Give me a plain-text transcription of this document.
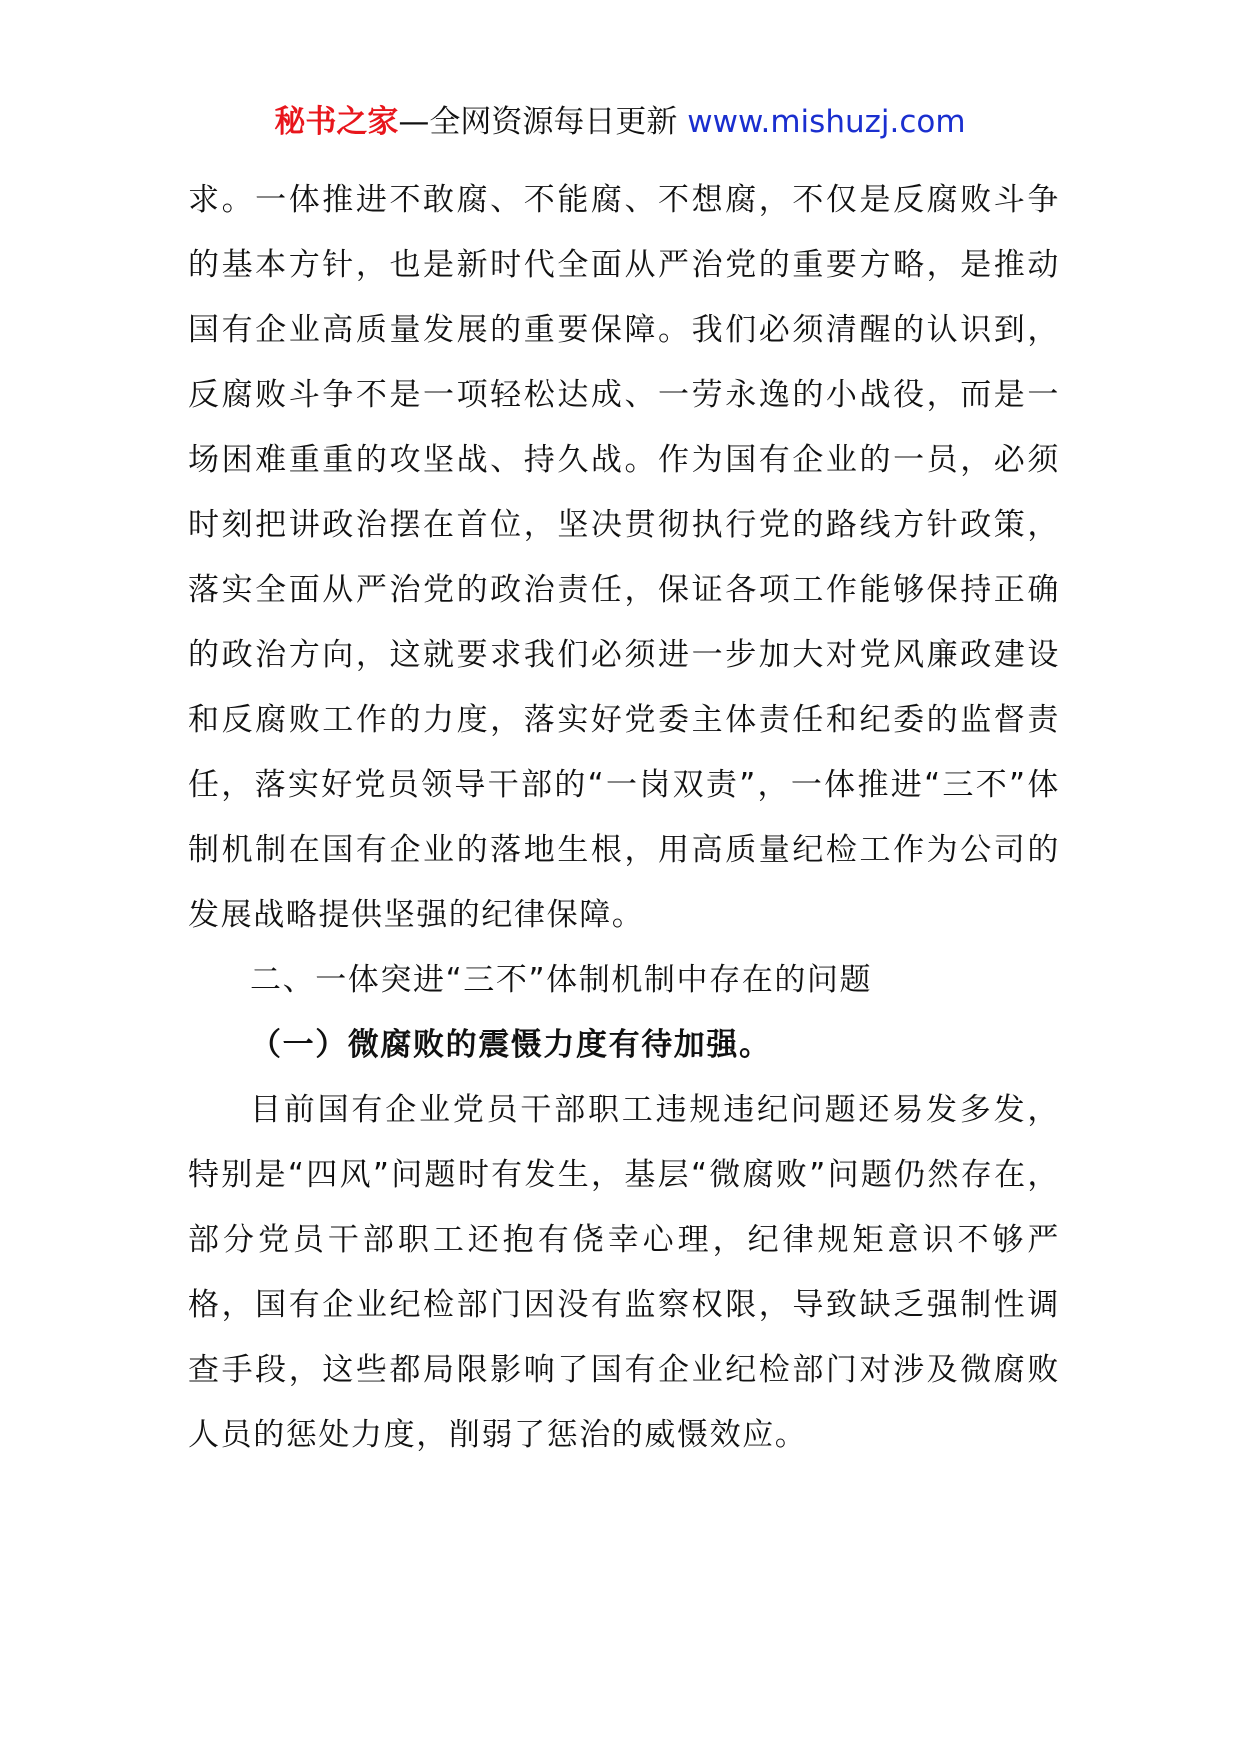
秘书之家—全网资源每日更新 www.mishuzj.com

求。一体推进不敢腐、不能腐、不想腐，不仅是反腐败斗争的基本方针，也是新时代全面从严治党的重要方略，是推动国有企业高质量发展的重要保障。我们必须清醒的认识到，反腐败斗争不是一项轻松达成、一劳永逸的小战役，而是一场困难重重的攻坚战、持久战。作为国有企业的一员，必须时刻把讲政治摆在首位，坚决贯彻执行党的路线方针政策，落实全面从严治党的政治责任，保证各项工作能够保持正确的政治方向，这就要求我们必须进一步加大对党风廉政建设和反腐败工作的力度，落实好党委主体责任和纪委的监督责任，落实好党员领导干部的“一岗双责”，一体推进“三不”体制机制在国有企业的落地生根，用高质量纪检工作为公司的发展战略提供坚强的纪律保障。

二、一体突进“三不”体制机制中存在的问题

（一）微腐败的震慑力度有待加强。

目前国有企业党员干部职工违规违纪问题还易发多发，特别是“四风”问题时有发生，基层“微腐败”问题仍然存在，部分党员干部职工还抱有侥幸心理，纪律规矩意识不够严格，国有企业纪检部门因没有监察权限，导致缺乏强制性调查手段，这些都局限影响了国有企业纪检部门对涉及微腐败人员的惩处力度，削弱了惩治的威慑效应。
